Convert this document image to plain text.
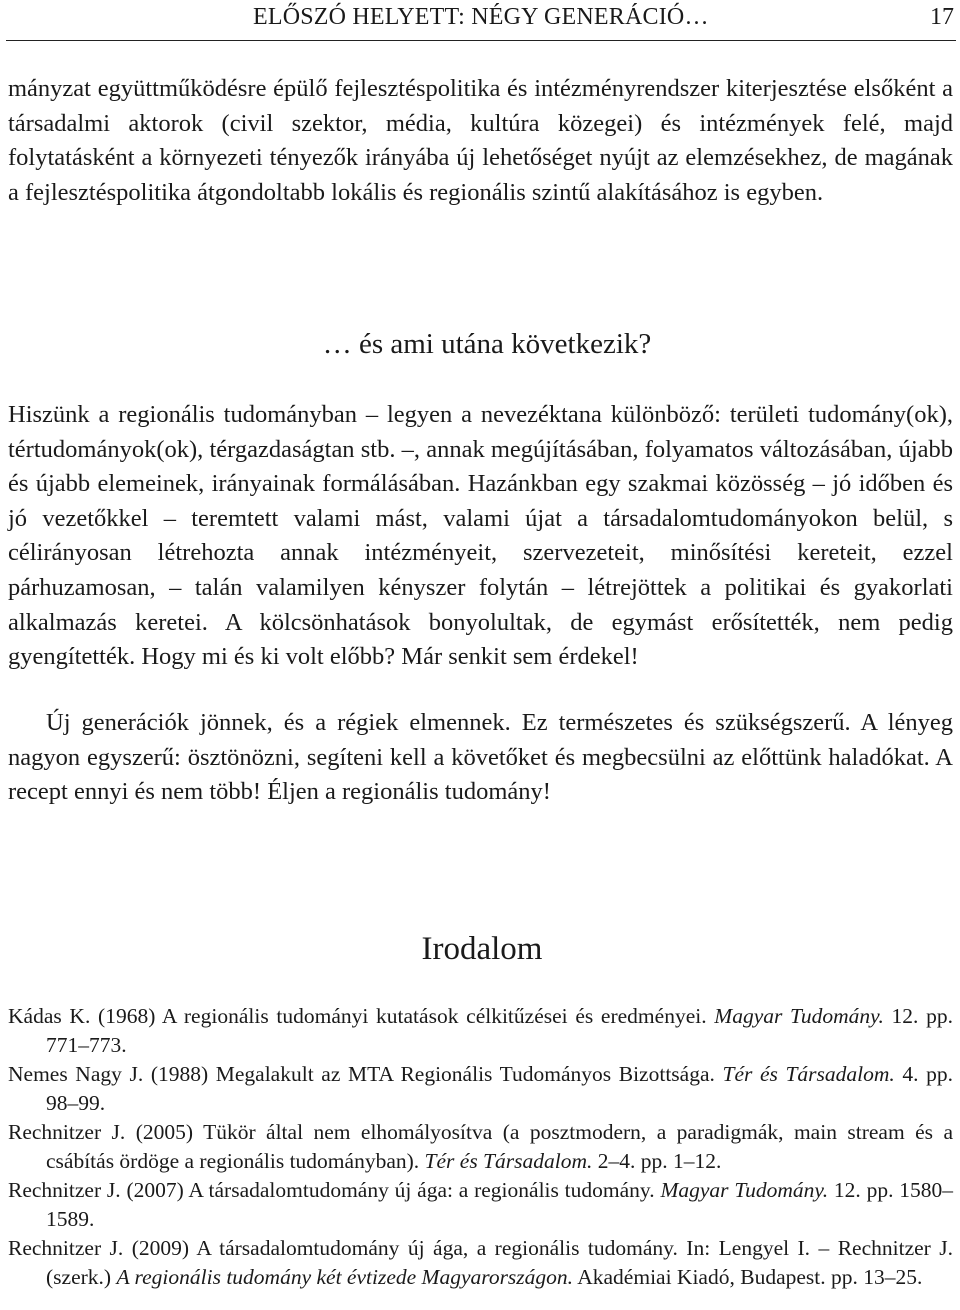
ELŐSZÓ HELYETT: NÉGY GENERÁCIÓ…	17

mányzat együttműködésre épülő fejlesztéspolitika és intézményrendszer kiterjesztése elsőként a társadalmi aktorok (civil szektor, média, kultúra közegei) és intézmények felé, majd folytatásként a környezeti tényezők irányába új lehetőséget nyújt az elemzésekhez, de magának a fejlesztéspolitika átgondoltabb lokális és regionális szintű alakításához is egyben.

… és ami utána következik?

Hiszünk a regionális tudományban – legyen a nevezéktana különböző: területi tudomány(ok), tértudományok(ok), térgazdaságtan stb. –, annak megújításában, folyamatos változásában, újabb és újabb elemeinek, irányainak formálásában. Hazánkban egy szakmai közösség – jó időben és jó vezetőkkel – teremtett valami mást, valami újat a társadalomtudományokon belül, s célirányosan létrehozta annak intézményeit, szervezeteit, minősítési kereteit, ezzel párhuzamosan, – talán valamilyen kényszer folytán – létrejöttek a politikai és gyakorlati alkalmazás keretei. A kölcsönhatások bonyolultak, de egymást erősítették, nem pedig gyengítették. Hogy mi és ki volt előbb? Már senkit sem érdekel!

Új generációk jönnek, és a régiek elmennek. Ez természetes és szükségszerű. A lényeg nagyon egyszerű: ösztönözni, segíteni kell a követőket és megbecsülni az előttünk haladókat. A recept ennyi és nem több! Éljen a regionális tudomány!

Irodalom
Kádas K. (1968) A regionális tudományi kutatások célkitűzései és eredményei. Magyar Tudomány. 12. pp. 771–773.
Nemes Nagy J. (1988) Megalakult az MTA Regionális Tudományos Bizottsága. Tér és Társadalom. 4. pp. 98–99.
Rechnitzer J. (2005) Tükör által nem elhomályosítva (a posztmodern, a paradigmák, main stream és a csábítás ördöge a regionális tudományban). Tér és Társadalom. 2–4. pp. 1–12.
Rechnitzer J. (2007) A társadalomtudomány új ága: a regionális tudomány. Magyar Tudomány. 12. pp. 1580–1589.
Rechnitzer J. (2009) A társadalomtudomány új ága, a regionális tudomány. In: Lengyel I. – Rechnitzer J. (szerk.) A regionális tudomány két évtizede Magyarországon. Akadémiai Kiadó, Budapest. pp. 13–25.
